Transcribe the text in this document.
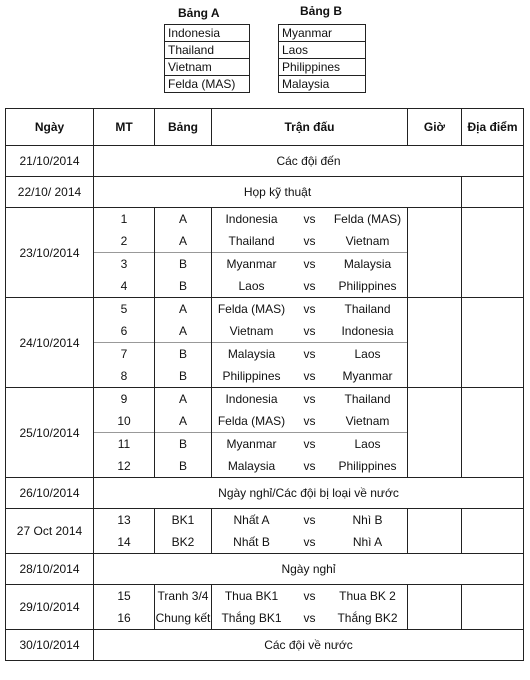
Bảng A
Indonesia
Thailand
Vietnam
Felda (MAS)
Bảng B
Myanmar
Laos
Philippines
Malaysia
Ngày	MT	Bảng	Trận đấu	Giờ	Địa điểm
21/10/2014	Các đội đến				
22/10/ 2014	Họp kỹ thuật				
23/10/2014	1	A	Indonesia vs Felda (MAS)		
	2	A	Thailand vs Vietnam		
	3	B	Myanmar vs Malaysia		
	4	B	Laos vs Philippines		
24/10/2014	5	A	Felda (MAS) vs Thailand		
	6	A	Vietnam vs Indonesia		
	7	B	Malaysia vs Laos		
	8	B	Philippines vs Myanmar		
25/10/2014	9	A	Indonesia vs Thailand		
	10	A	Felda (MAS) vs Vietnam		
	11	B	Myanmar vs Laos		
	12	B	Malaysia vs Philippines		
26/10/2014	Ngày nghỉ/Các đội bị loại về nước				
27 Oct 2014	13	BK1	Nhất A vs Nhì B		
	14	BK2	Nhất B vs Nhì A		
28/10/2014	Ngày nghỉ				
29/10/2014	15	Tranh 3/4	Thua BK1 vs Thua BK 2		
	16	Chung kết	Thắng BK1 vs Thắng BK2		
30/10/2014	Các đội về nước				
